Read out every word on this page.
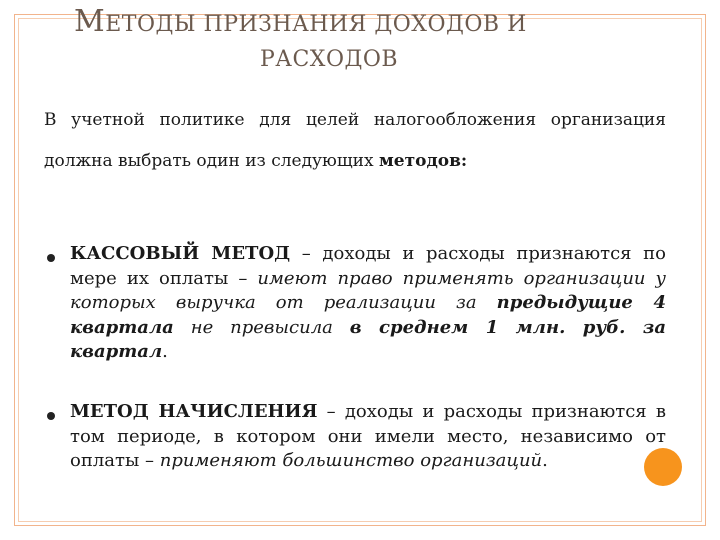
МЕТОДЫ ПРИЗНАНИЯ ДОХОДОВ И
РАСХОДОВ
В учетной политике для целей налогообложения организация должна выбрать один из следующих методов:
КАССОВЫЙ МЕТОД – доходы и расходы признаются по мере их оплаты – имеют право применять организации у которых выручка от реализации за предыдущие 4 квартала не превысила в среднем 1 млн. руб. за квартал.
МЕТОД НАЧИСЛЕНИЯ – доходы и расходы признаются в том периоде, в котором они имели место, независимо от оплаты – применяют большинство организаций.
